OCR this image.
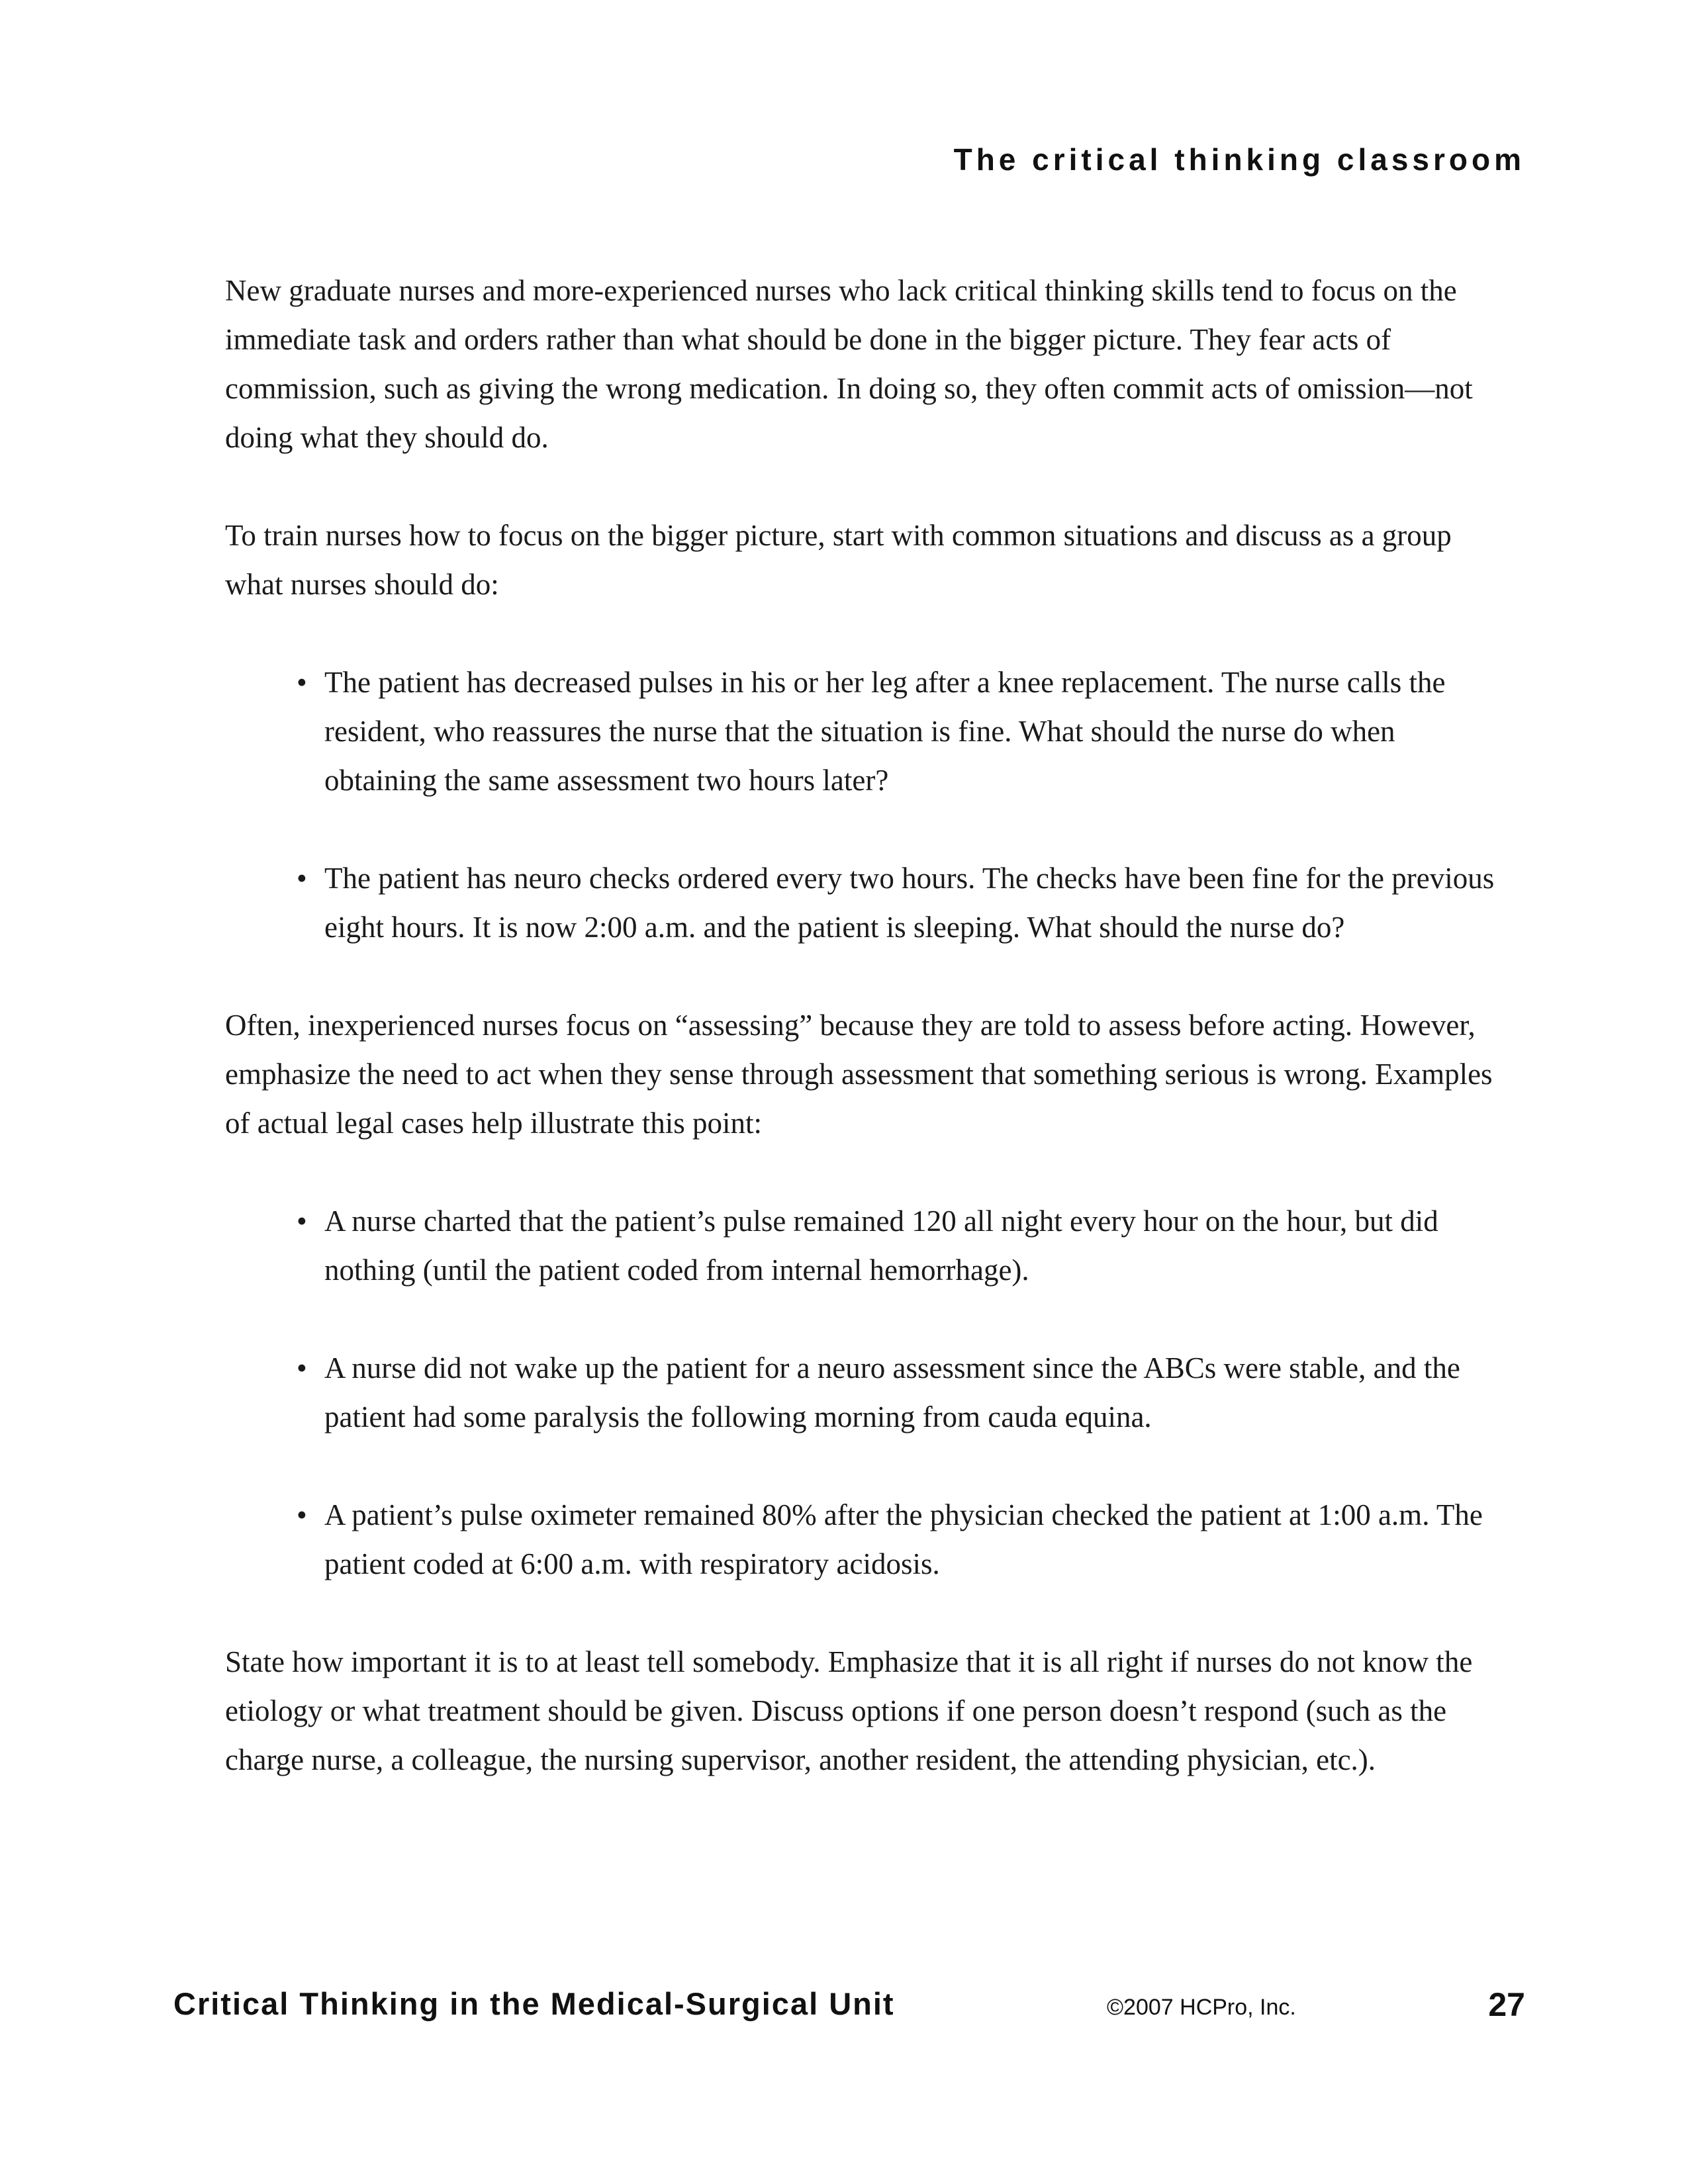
The critical thinking classroom

New graduate nurses and more-experienced nurses who lack critical thinking skills tend to focus on the immediate task and orders rather than what should be done in the bigger picture. They fear acts of commission, such as giving the wrong medication. In doing so, they often commit acts of omission—not doing what they should do.

To train nurses how to focus on the bigger picture, start with common situations and discuss as a group what nurses should do:

• The patient has decreased pulses in his or her leg after a knee replacement. The nurse calls the resident, who reassures the nurse that the situation is fine. What should the nurse do when obtaining the same assessment two hours later?
• The patient has neuro checks ordered every two hours. The checks have been fine for the previous eight hours. It is now 2:00 a.m. and the patient is sleeping. What should the nurse do?

Often, inexperienced nurses focus on “assessing” because they are told to assess before acting. However, emphasize the need to act when they sense through assessment that something serious is wrong. Examples of actual legal cases help illustrate this point:

• A nurse charted that the patient’s pulse remained 120 all night every hour on the hour, but did nothing (until the patient coded from internal hemorrhage).
• A nurse did not wake up the patient for a neuro assessment since the ABCs were stable, and the patient had some paralysis the following morning from cauda equina.
• A patient’s pulse oximeter remained 80% after the physician checked the patient at 1:00 a.m. The patient coded at 6:00 a.m. with respiratory acidosis.

State how important it is to at least tell somebody. Emphasize that it is all right if nurses do not know the etiology or what treatment should be given. Discuss options if one person doesn’t respond (such as the charge nurse, a colleague, the nursing supervisor, another resident, the attending physician, etc.).

Critical Thinking in the Medical-Surgical Unit	©2007 HCPro, Inc.	27
